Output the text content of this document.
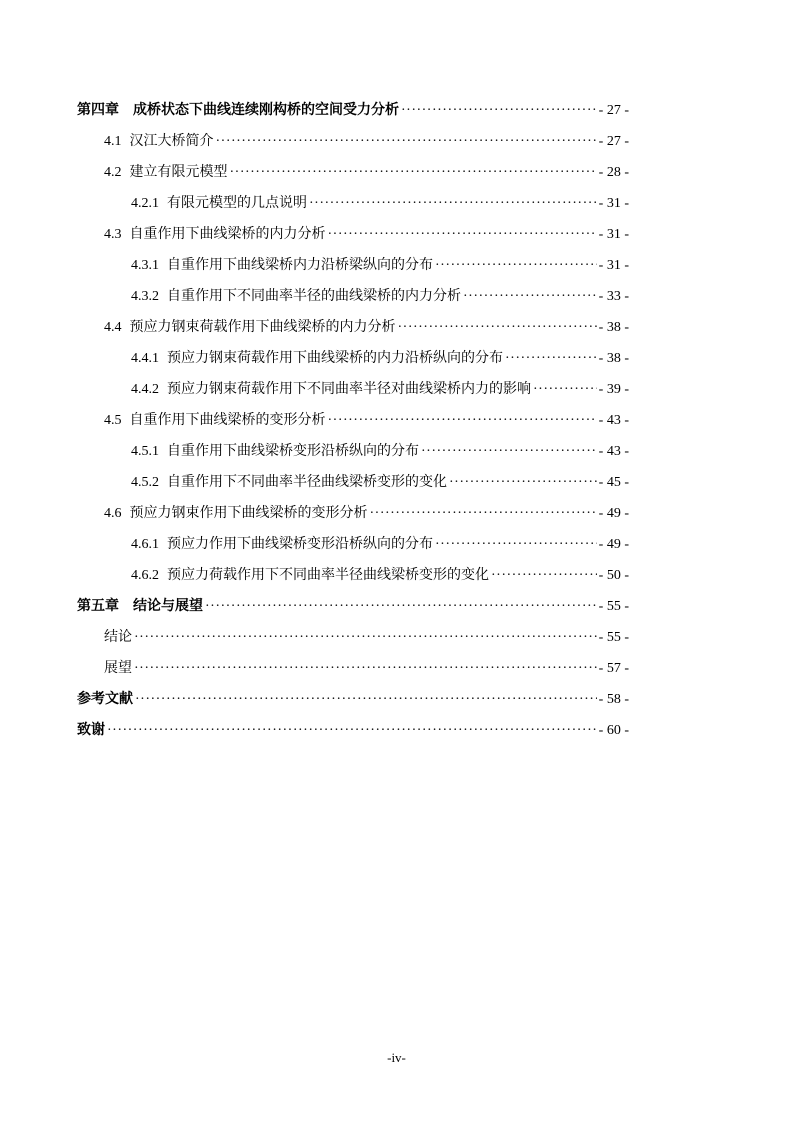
第四章 成桥状态下曲线连续刚构桥的空间受力分析 ·····	- 27 -
4.1 汉江大桥简介 ·····	- 27 -
4.2 建立有限元模型 ·····	- 28 -
4.2.1 有限元模型的几点说明 ·····	- 31 -
4.3 自重作用下曲线梁桥的内力分析 ·····	- 31 -
4.3.1 自重作用下曲线梁桥内力沿桥梁纵向的分布 ·····	- 31 -
4.3.2 自重作用下不同曲率半径的曲线梁桥的内力分析 ·····	- 33 -
4.4 预应力钢束荷载作用下曲线梁桥的内力分析 ·····	- 38 -
4.4.1 预应力钢束荷载作用下曲线梁桥的内力沿桥纵向的分布 ·····	- 38 -
4.4.2 预应力钢束荷载作用下不同曲率半径对曲线梁桥内力的影响 ·····	- 39 -
4.5 自重作用下曲线梁桥的变形分析 ·····	- 43 -
4.5.1 自重作用下曲线梁桥变形沿桥纵向的分布 ·····	- 43 -
4.5.2 自重作用下不同曲率半径曲线梁桥变形的变化 ·····	- 45 -
4.6 预应力钢束作用下曲线梁桥的变形分析 ·····	- 49 -
4.6.1 预应力作用下曲线梁桥变形沿桥纵向的分布 ·····	- 49 -
4.6.2 预应力荷载作用下不同曲率半径曲线梁桥变形的变化 ·····	- 50 -
第五章 结论与展望 ·····	- 55 -
结论 ·····	- 55 -
展望 ·····	- 57 -
参考文献 ·····	- 58 -
致谢 ·····	- 60 -
-iv-
